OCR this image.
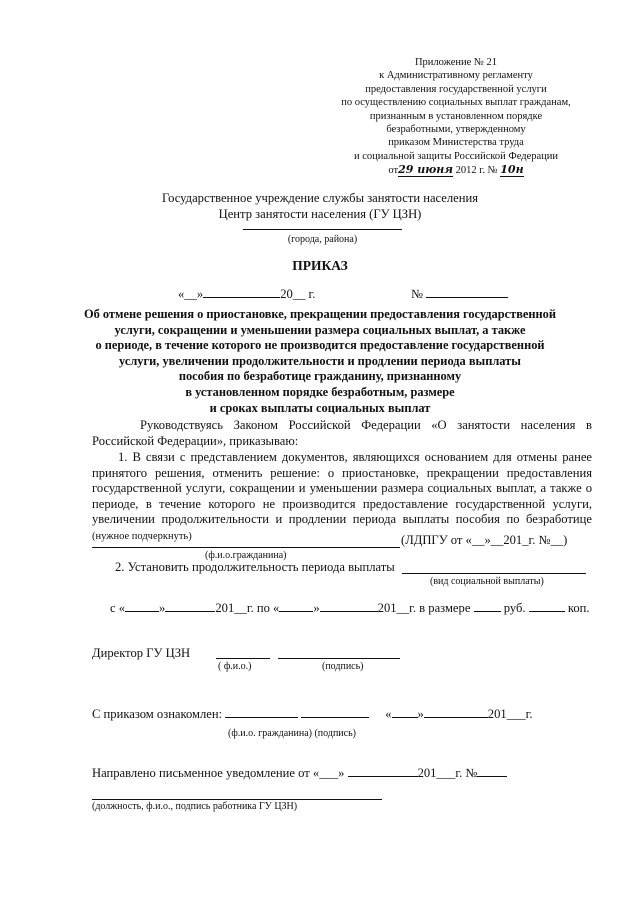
Приложение № 21
к Административному регламенту
предоставления государственной услуги
по осуществлению социальных выплат гражданам,
признанным в установленном порядке
безработными, утвержденному
приказом Министерства труда
и социальной защиты Российской Федерации
от29 июня 2012 г. № 10н
Государственное учреждение службы занятости населения
Центр занятости населения (ГУ ЦЗН)
(города, района)
ПРИКАЗ
«__»	20__ г.	№
Об отмене решения о приостановке, прекращении предоставления государственной
услуги, сокращении и уменьшении размера социальных выплат, а также
о периоде, в течение которого не производится предоставление государственной
услуги, увеличении продолжительности и продлении периода выплаты
пособия по безработице гражданину, признанному
в установленном порядке безработным, размере
и сроках выплаты социальных выплат
Руководствуясь Законом Российской Федерации «О занятости населения в Российской Федерации», приказываю:
1. В связи с представлением документов, являющихся основанием для отмены ранее принятого решения, отменить решение: о приостановке, прекращении предоставления государственной услуги, сокращении и уменьшении размера социальных выплат, а также о периоде, в течение которого не производится предоставление государственной услуги, увеличении продолжительности и продлении периода выплаты пособия по безработице (нужное подчеркнуть)	(ЛДПГУ от «__»__201_г. №__)
(ф.и.о.гражданина)
2. Установить продолжительность периода выплаты
(вид социальной выплаты)
с «	»	201__г. по «	»	201__г. в размере	руб.	коп.
Директор ГУ ЦЗН
( ф.и.о.)	(подпись)
С приказом ознакомлен:	« »	201___г.
(ф.и.о. гражданина) (подпись)
Направлено письменное уведомление от «___»	201___г. №
(должность, ф.и.о., подпись работника ГУ ЦЗН)
